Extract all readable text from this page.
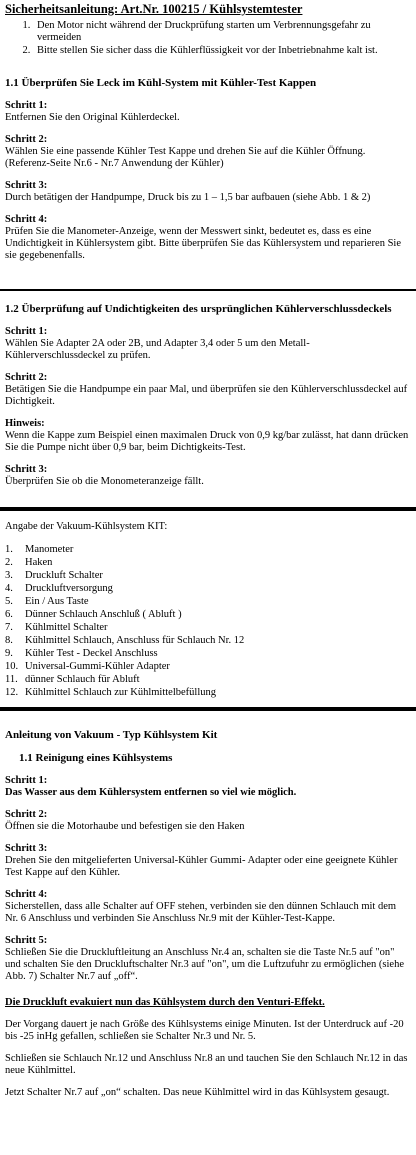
Sicherheitsanleitung: Art.Nr. 100215 / Kühlsystemtester
1. Den Motor nicht während der Druckprüfung starten um Verbrennungsgefahr zu vermeiden
2. Bitte stellen Sie sicher dass die Kühlerflüssigkeit vor der Inbetriebnahme kalt ist.
1.1 Überprüfen Sie Leck im Kühl-System mit Kühler-Test Kappen
Schritt 1:
Entfernen Sie den Original Kühlerdeckel.
Schritt 2:
Wählen Sie eine passende Kühler Test Kappe und drehen Sie auf die Kühler Öffnung. (Referenz-Seite Nr.6 - Nr.7 Anwendung der Kühler)
Schritt 3:
Durch betätigen der Handpumpe, Druck bis zu 1 – 1,5 bar aufbauen (siehe Abb. 1 & 2)
Schritt 4:
Prüfen Sie die Manometer-Anzeige, wenn der Messwert sinkt, bedeutet es, dass es eine Undichtigkeit in Kühlersystem gibt. Bitte überprüfen Sie das Kühlersystem und reparieren Sie sie gegebenenfalls.
1.2 Überprüfung auf Undichtigkeiten des ursprünglichen Kühlerverschlussdeckels
Schritt 1:
Wählen Sie Adapter 2A oder 2B, und Adapter 3,4 oder 5 um den Metall-Kühlerverschlussdeckel zu prüfen.
Schritt 2:
Betätigen Sie die Handpumpe ein paar Mal, und überprüfen sie den Kühlerverschlussdeckel auf Dichtigkeit.
Hinweis:
Wenn die Kappe zum Beispiel einen maximalen Druck von 0,9 kg/bar zulässt, hat dann drücken Sie die Pumpe nicht über 0,9 bar, beim Dichtigkeits-Test.
Schritt 3:
Überprüfen Sie ob die Monometeranzeige fällt.
Angabe der Vakuum-Kühlsystem KIT:
1. Manometer
2. Haken
3. Druckluft Schalter
4. Druckluftversorgung
5. Ein / Aus Taste
6. Dünner Schlauch Anschluß ( Abluft )
7. Kühlmittel Schalter
8. Kühlmittel Schlauch, Anschluss für Schlauch Nr. 12
9. Kühler Test - Deckel Anschluss
10. Universal-Gummi-Kühler Adapter
11. dünner Schlauch für Abluft
12. Kühlmittel Schlauch zur Kühlmittelbefüllung
Anleitung von Vakuum - Typ Kühlsystem Kit
1.1 Reinigung eines Kühlsystems
Schritt 1:
Das Wasser aus dem Kühlersystem entfernen so viel wie möglich.
Schritt 2:
Öffnen sie die Motorhaube und befestigen sie den Haken
Schritt 3:
Drehen Sie den mitgelieferten Universal-Kühler Gummi- Adapter oder eine geeignete Kühler Test Kappe auf den Kühler.
Schritt 4:
Sicherstellen, dass alle Schalter auf OFF stehen, verbinden sie den dünnen Schlauch mit dem Nr. 6 Anschluss und verbinden Sie Anschluss Nr.9 mit der Kühler-Test-Kappe.
Schritt 5:
Schließen Sie die Druckluftleitung an Anschluss Nr.4 an, schalten sie die Taste Nr.5 auf "on" und schalten Sie den Druckluftschalter Nr.3 auf "on", um die Luftzufuhr zu ermöglichen (siehe Abb. 7) Schalter Nr.7 auf „off“.
Die Druckluft evakuiert nun das Kühlsystem durch den Venturi-Effekt.
Der Vorgang dauert je nach Größe des Kühlsystems einige Minuten. Ist der Unterdruck auf -20 bis -25 inHg gefallen, schließen sie Schalter Nr.3 und Nr. 5.
Schließen sie Schlauch Nr.12 und Anschluss Nr.8 an und tauchen Sie den Schlauch Nr.12 in das neue Kühlmittel.
Jetzt Schalter Nr.7 auf „on“ schalten. Das neue Kühlmittel wird in das Kühlsystem gesaugt.
